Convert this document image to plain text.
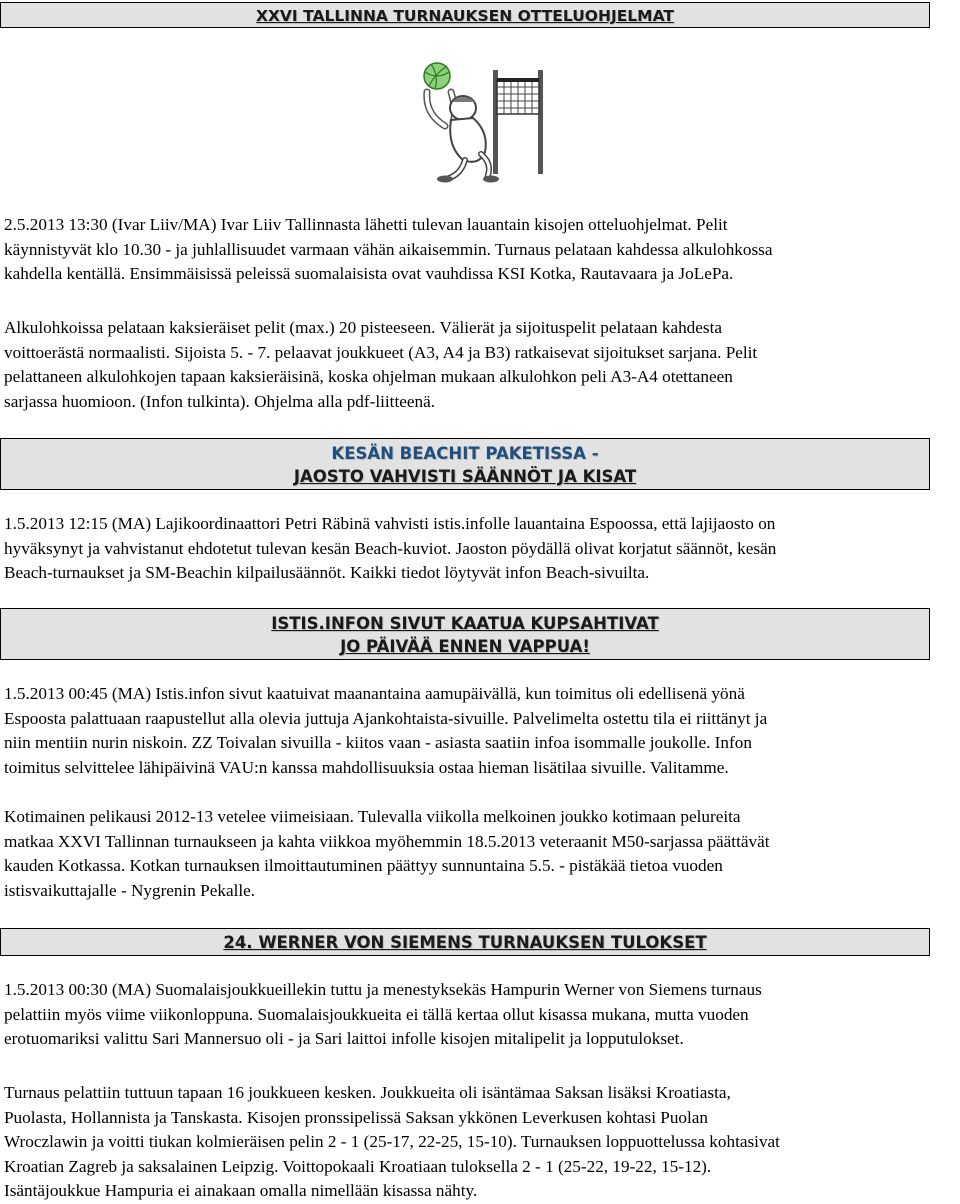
XXVI TALLINNA TURNAUKSEN OTTELUOHJELMAT
2.5.2013 13:30 (Ivar Liiv/MA) Ivar Liiv Tallinnasta lähetti tulevan lauantain kisojen otteluohjelmat. Pelit
käynnistyvät klo 10.30 - ja juhlallisuudet varmaan vähän aikaisemmin. Turnaus pelataan kahdessa alkulohkossa
kahdella kentällä. Ensimmäisissä peleissä suomalaisista ovat vauhdissa KSI Kotka, Rautavaara ja JoLePa.
Alkulohkoissa pelataan kaksieräiset pelit (max.) 20 pisteeseen. Välierät ja sijoituspelit pelataan kahdesta
voittoerästä normaalisti. Sijoista 5. - 7. pelaavat joukkueet (A3, A4 ja B3) ratkaisevat sijoitukset sarjana. Pelit
pelattaneen alkulohkojen tapaan kaksieräisinä, koska ohjelman mukaan alkulohkon peli A3-A4 otettaneen
sarjassa huomioon. (Infon tulkinta). Ohjelma alla pdf-liitteenä.
KESÄN BEACHIT PAKETISSA -
JAOSTO VAHVISTI SÄÄNNÖT JA KISAT
1.5.2013 12:15 (MA) Lajikoordinaattori Petri Räbinä vahvisti istis.infolle lauantaina Espoossa, että lajijaosto on
hyväksynyt ja vahvistanut ehdotetut tulevan kesän Beach-kuviot. Jaoston pöydällä olivat korjatut säännöt, kesän
Beach-turnaukset ja SM-Beachin kilpailusäännöt. Kaikki tiedot löytyvät infon Beach-sivuilta.
ISTIS.INFON SIVUT KAATUA KUPSAHTIVAT
JO PÄIVÄÄ ENNEN VAPPUA!
1.5.2013 00:45 (MA) Istis.infon sivut kaatuivat maanantaina aamupäivällä, kun toimitus oli edellisenä yönä
Espoosta palattuaan raapustellut alla olevia juttuja Ajankohtaista-sivuille. Palvelimelta ostettu tila ei riittänyt ja
niin mentiin nurin niskoin. ZZ Toivalan sivuilla - kiitos vaan - asiasta saatiin infoa isommalle joukolle. Infon
toimitus selvittelee lähipäivinä VAU:n kanssa mahdollisuuksia ostaa hieman lisätilaa sivuille. Valitamme.
Kotimainen pelikausi 2012-13 vetelee viimeisiaan. Tulevalla viikolla melkoinen joukko kotimaan pelureita
matkaa XXVI Tallinnan turnaukseen ja kahta viikkoa myöhemmin 18.5.2013 veteraanit M50-sarjassa päättävät
kauden Kotkassa. Kotkan turnauksen ilmoittautuminen päättyy sunnuntaina 5.5. - pistäkää tietoa vuoden
istisvaikuttajalle - Nygrenin Pekalle.
24. WERNER VON SIEMENS TURNAUKSEN TULOKSET
1.5.2013 00:30 (MA) Suomalaisjoukkueillekin tuttu ja menestyksekäs Hampurin Werner von Siemens turnaus
pelattiin myös viime viikonloppuna. Suomalaisjoukkueita ei tällä kertaa ollut kisassa mukana, mutta vuoden
erotuomariksi valittu Sari Mannersuo oli - ja Sari laittoi infolle kisojen mitalipelit ja lopputulokset.
Turnaus pelattiin tuttuun tapaan 16 joukkueen kesken. Joukkueita oli isäntämaa Saksan lisäksi Kroatiasta,
Puolasta, Hollannista ja Tanskasta. Kisojen pronssipelissä Saksan ykkönen Leverkusen kohtasi Puolan
Wroczlawin ja voitti tiukan kolmieräisen pelin 2 - 1 (25-17, 22-25, 15-10). Turnauksen loppuottelussa kohtasivat
Kroatian Zagreb ja saksalainen Leipzig. Voittopokaali Kroatiaan tuloksella 2 - 1 (25-22, 19-22, 15-12).
Isäntäjoukkue Hampuria ei ainakaan omalla nimellään kisassa nähty.
